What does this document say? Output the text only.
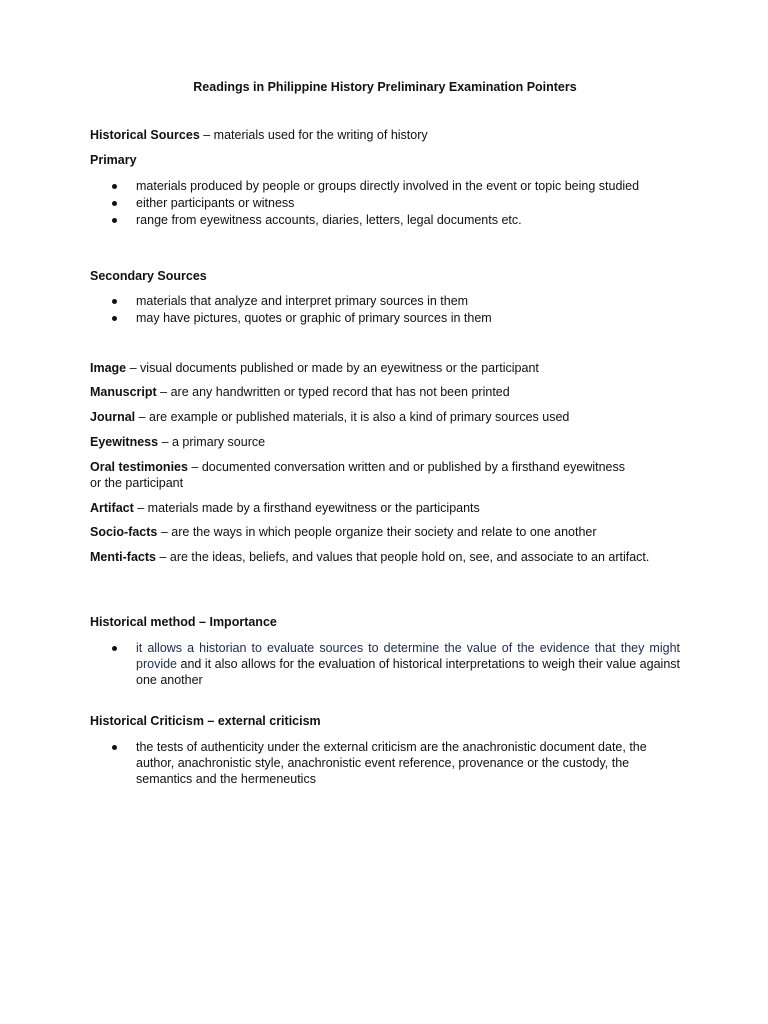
Readings in Philippine History Preliminary Examination Pointers
Historical Sources – materials used for the writing of history
Primary
materials produced by people or groups directly involved in the event or topic being studied
either participants or witness
range from eyewitness accounts, diaries, letters, legal documents etc.
Secondary Sources
materials that analyze and interpret primary sources in them
may have pictures, quotes or graphic of primary sources in them
Image – visual documents published or made by an eyewitness or the participant
Manuscript – are any handwritten or typed record that has not been printed
Journal – are example or published materials, it is also a kind of primary sources used
Eyewitness – a primary source
Oral testimonies – documented conversation written and or published by a firsthand eyewitness or the participant
Artifact – materials made by a firsthand eyewitness or the participants
Socio-facts – are the ways in which people organize their society and relate to one another
Menti-facts – are the ideas, beliefs, and values that people hold on, see, and associate to an artifact.
Historical method – Importance
it allows a historian to evaluate sources to determine the value of the evidence that they might provide and it also allows for the evaluation of historical interpretations to weigh their value against one another
Historical Criticism – external criticism
the tests of authenticity under the external criticism are the anachronistic document date, the author, anachronistic style, anachronistic event reference, provenance or the custody, the semantics and the hermeneutics
